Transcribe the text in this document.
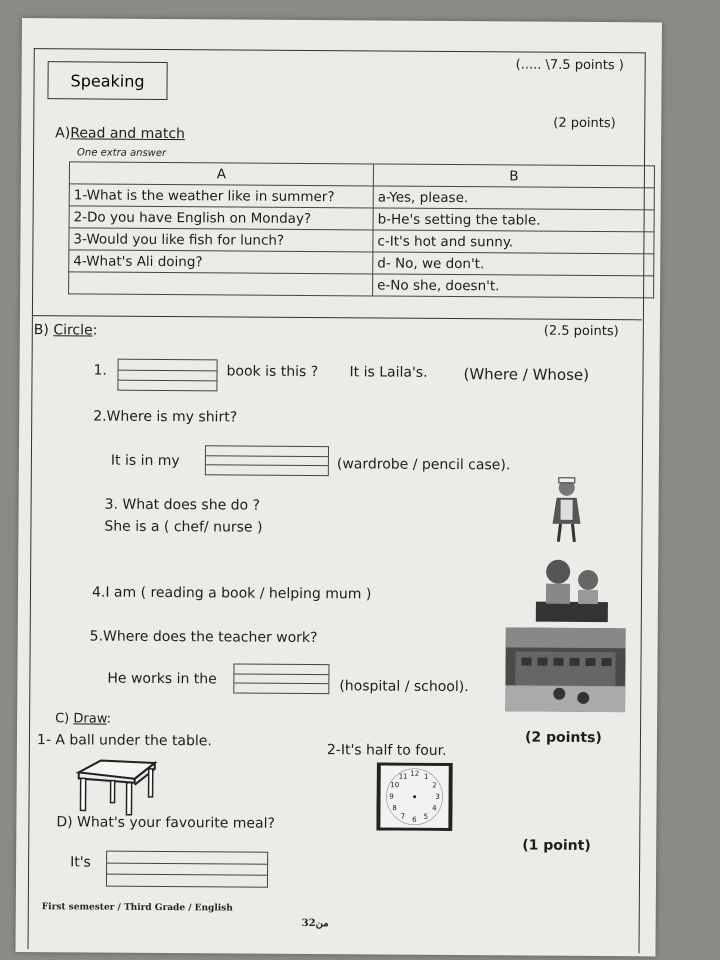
Speaking
(..... \7.5 points )
A)Read and match
(2 points)
One extra answer
A	B
1-What is the weather like in summer?	a-Yes, please.
2-Do you have English on Monday?	b-He's setting the table.
3-Would you like fish for lunch?	c-It's hot and sunny.
4-What's Ali doing?	d- No, we don't.
	e-No she, doesn't.
B) Circle:	(2.5 points)
1.	book is this ? It is Laila's. (Where / Whose)
2.Where is my shirt?
It is in my	(wardrobe / pencil case).
3. What does she do ?
She is a ( chef/ nurse )
4.I am ( reading a book / helping mum )
5.Where does the teacher work?
He works in the	(hospital / school).
C) Draw:
1- A ball under the table.	(2 points)
2-It's half to four.
12 1
2
3
4
5
6
7
8
9
10
11
D) What's your favourite meal?
(1 point)
It's
First semester / Third Grade / English
3من2
